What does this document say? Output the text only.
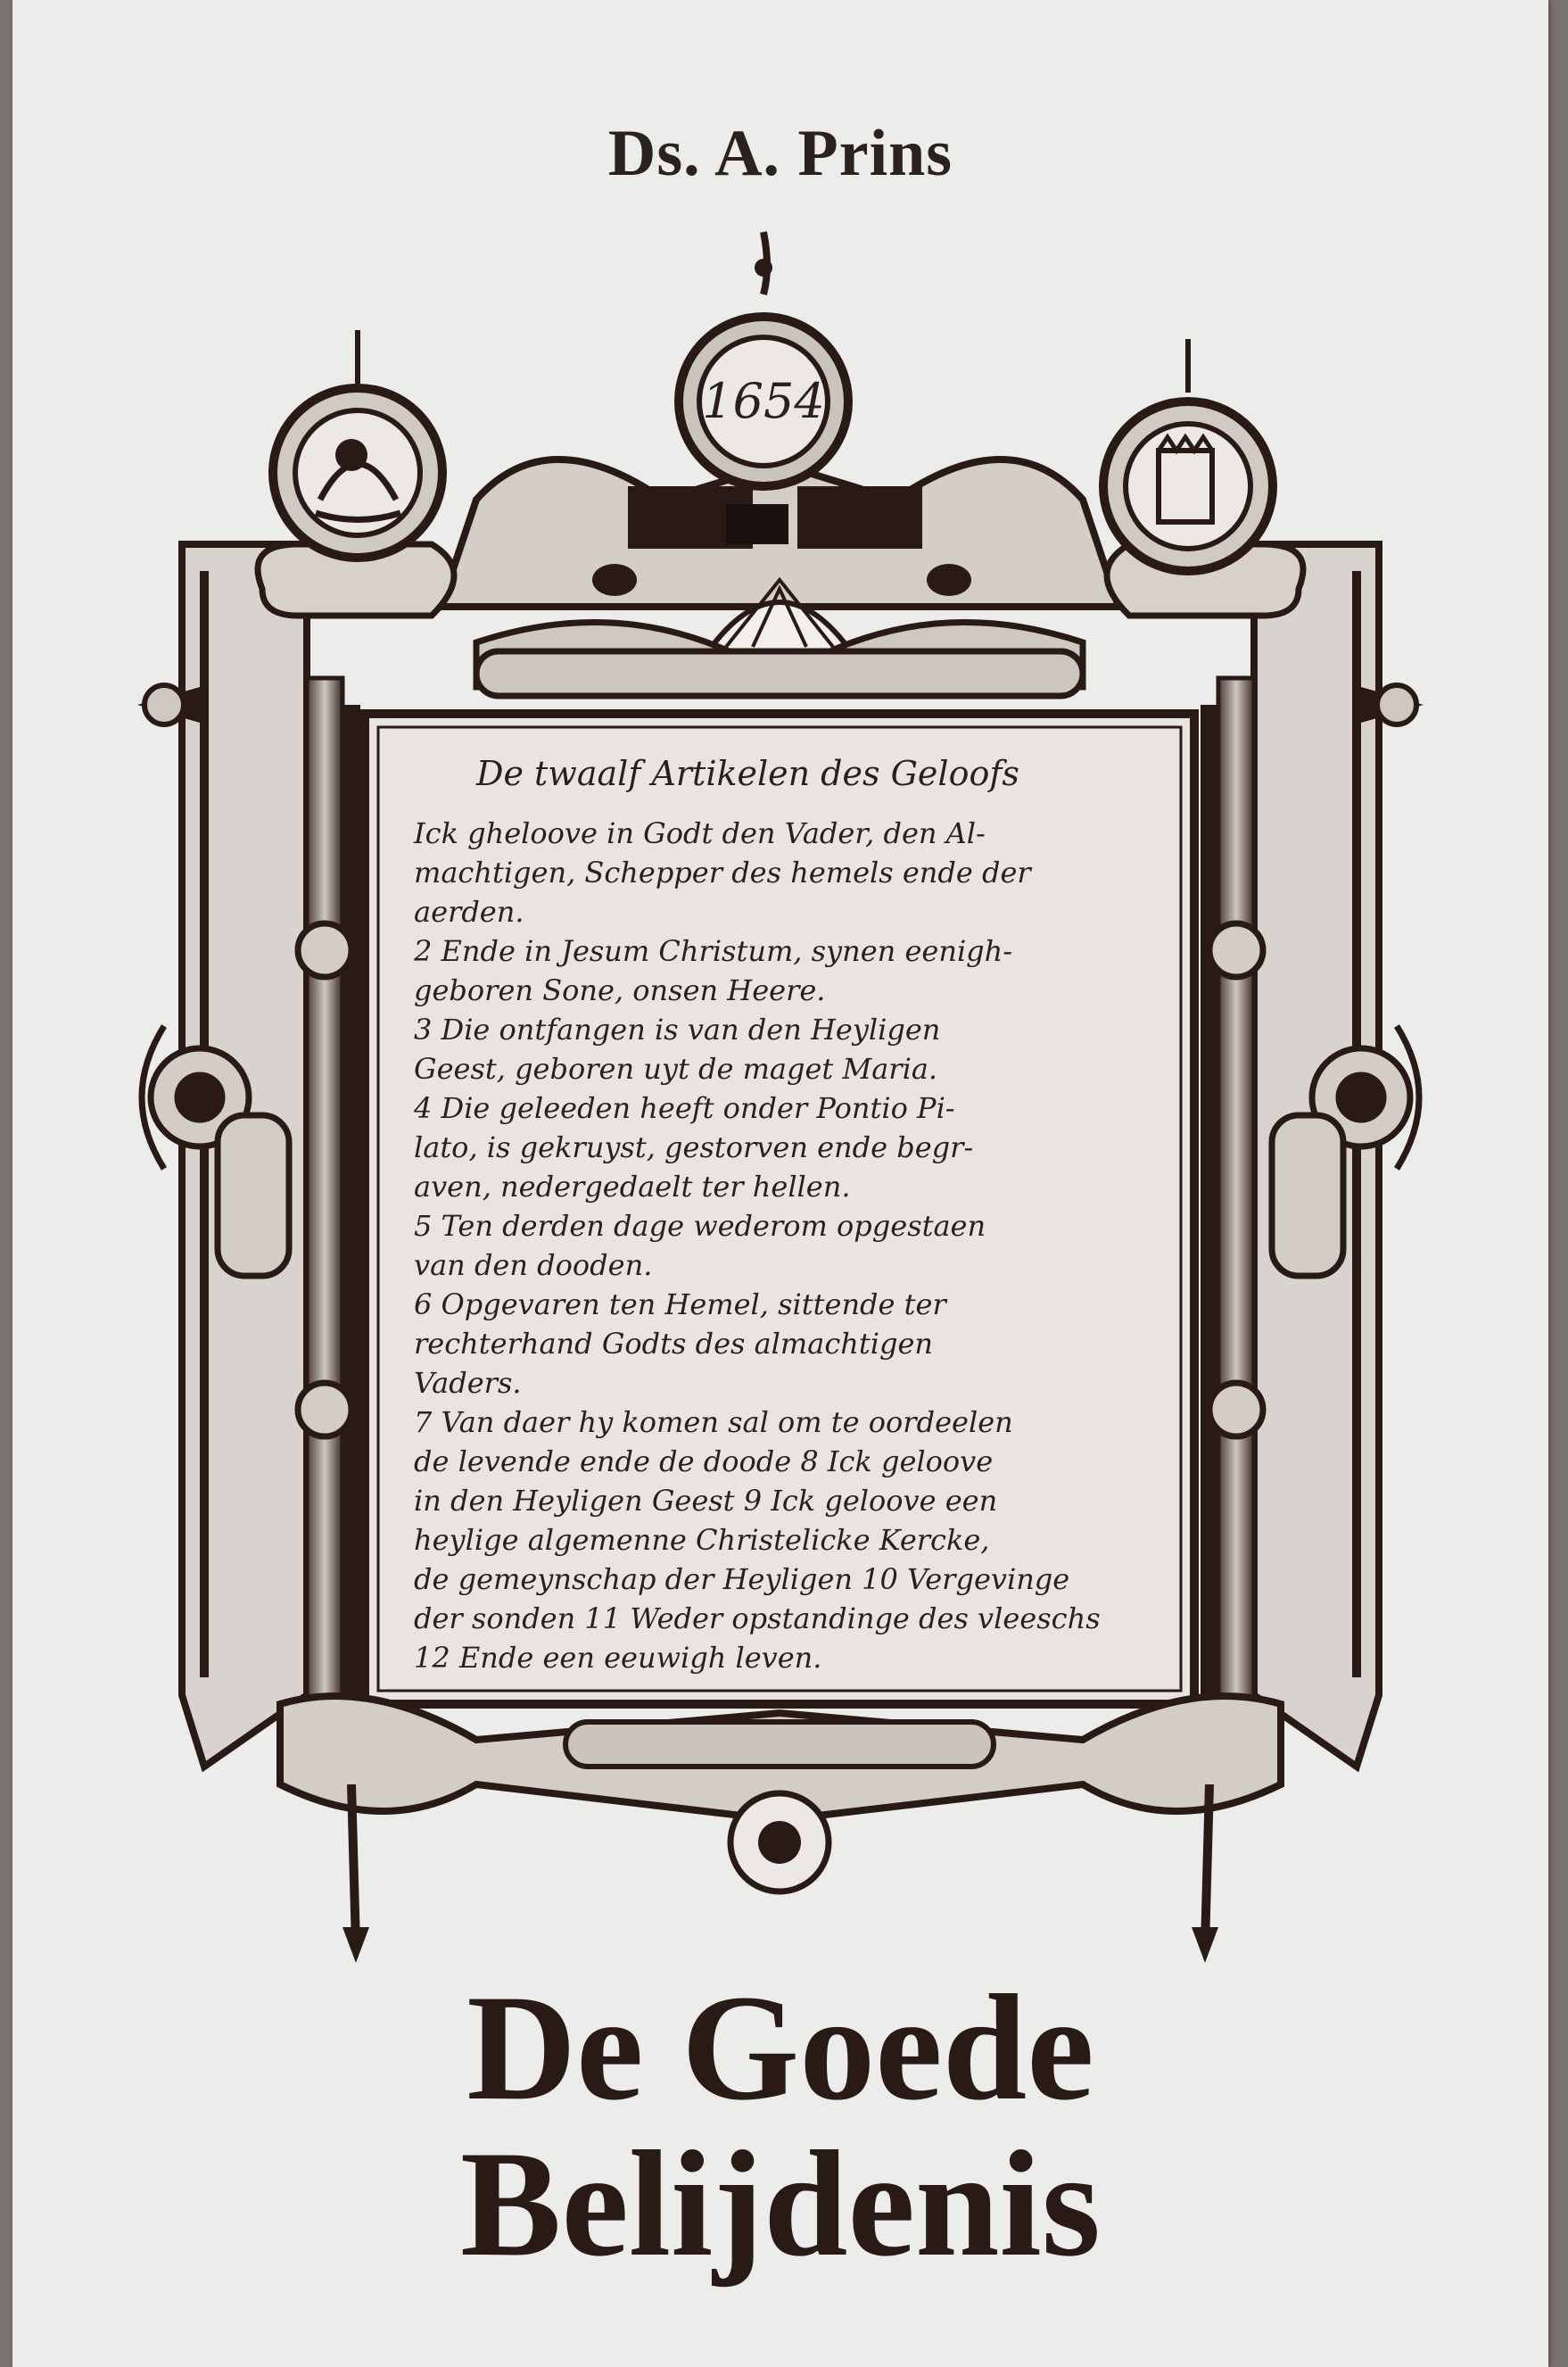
Ds. A. Prins
1654
De twaalf Artikelen des Geloofs
Ick gheloove in Godt den Vader, den Al-
machtigen, Schepper des hemels ende der
aerden.
2 Ende in Jesum Christum, synen eenigh-
geboren Sone, onsen Heere.
3 Die ontfangen is van den Heyligen
Geest, geboren uyt de maget Maria.
4 Die geleeden heeft onder Pontio Pi-
lato, is gekruyst, gestorven ende begr-
aven, nedergedaelt ter hellen.
5 Ten derden dage wederom opgestaen
van den dooden.
6 Opgevaren ten Hemel, sittende ter
rechterhand Godts des almachtigen
Vaders.
7 Van daer hy komen sal om te oordeelen
de levende ende de doode 8 Ick geloove
in den Heyligen Geest 9 Ick geloove een
heylige algemenne Christelicke Kercke,
de gemeynschap der Heyligen 10 Vergevinge
der sonden 11 Weder opstandinge des vleeschs
12 Ende een eeuwigh leven.
De Goede
Belijdenis
